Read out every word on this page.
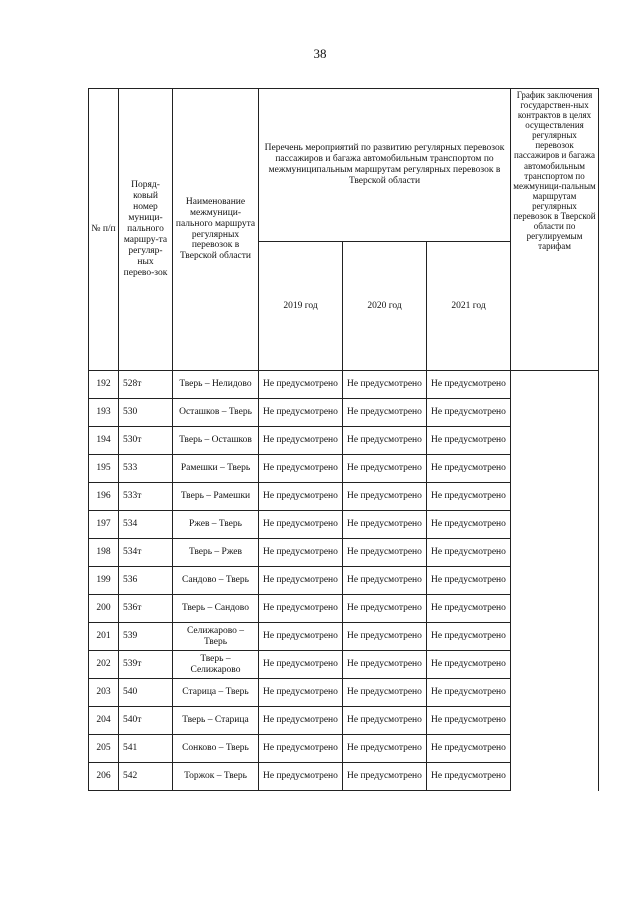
38
№ п/п	Поряд-ковый номер муници-пального маршру-та регуляр-ных перево-зок	Наименование межмуници-пального маршрута регулярных перевозок в Тверской области	Перечень мероприятий по развитию регулярных перевозок пассажиров и багажа автомобильным транспортом по межмуниципальным маршрутам регулярных перевозок в Тверской области			График заключения государствен-ных контрактов в целях осуществления регулярных перевозок пассажиров и багажа автомобильным транспортом по межмуници-пальным маршрутам регулярных перевозок в Тверской области по регулируемым тарифам
			2019 год	2020 год	2021 год	
192	528т	Тверь – Нелидово	Не предусмотрено	Не предусмотрено	Не предусмотрено	
193	530	Осташков – Тверь	Не предусмотрено	Не предусмотрено	Не предусмотрено	
194	530т	Тверь – Осташков	Не предусмотрено	Не предусмотрено	Не предусмотрено	
195	533	Рамешки – Тверь	Не предусмотрено	Не предусмотрено	Не предусмотрено	
196	533т	Тверь – Рамешки	Не предусмотрено	Не предусмотрено	Не предусмотрено	
197	534	Ржев – Тверь	Не предусмотрено	Не предусмотрено	Не предусмотрено	
198	534т	Тверь – Ржев	Не предусмотрено	Не предусмотрено	Не предусмотрено	
199	536	Сандово – Тверь	Не предусмотрено	Не предусмотрено	Не предусмотрено	
200	536т	Тверь – Сандово	Не предусмотрено	Не предусмотрено	Не предусмотрено	
201	539	Селижарово – Тверь	Не предусмотрено	Не предусмотрено	Не предусмотрено	
202	539т	Тверь – Селижарово	Не предусмотрено	Не предусмотрено	Не предусмотрено	
203	540	Старица – Тверь	Не предусмотрено	Не предусмотрено	Не предусмотрено	
204	540т	Тверь – Старица	Не предусмотрено	Не предусмотрено	Не предусмотрено	
205	541	Сонково – Тверь	Не предусмотрено	Не предусмотрено	Не предусмотрено	
206	542	Торжок – Тверь	Не предусмотрено	Не предусмотрено	Не предусмотрено	
